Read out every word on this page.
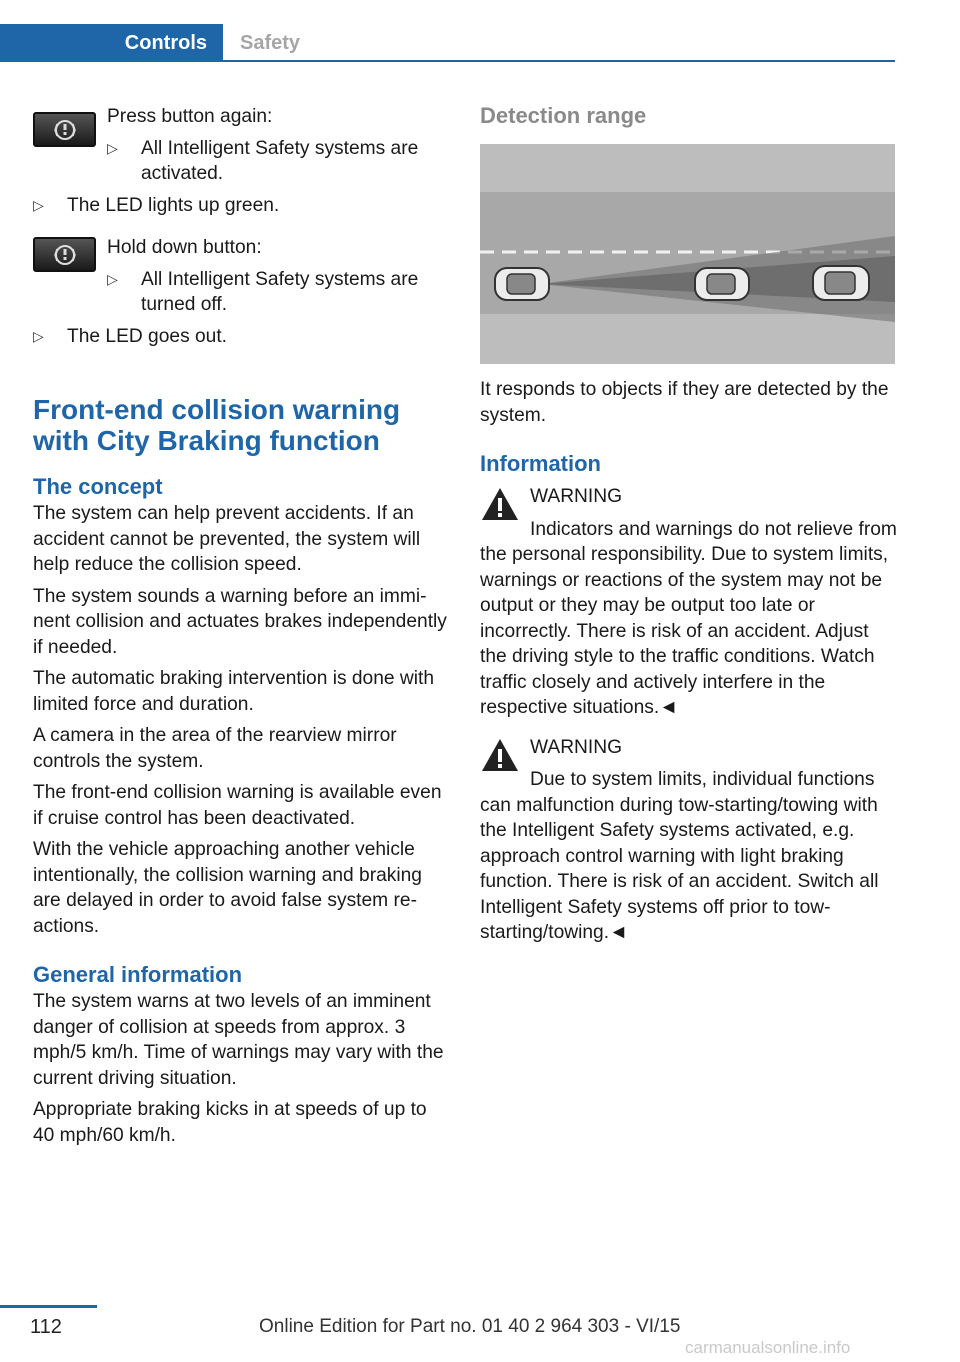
Controls	Safety

Press button again:

▷ All Intelligent Safety systems are activated.

▷ The LED lights up green.

Hold down button:

▷ All Intelligent Safety systems are turned off.

▷ The LED goes out.

Front-end collision warning with City Braking function
The concept

The system can help prevent accidents. If an accident cannot be prevented, the system will help reduce the collision speed.

The system sounds a warning before an imminent collision and actuates brakes independently if needed.

The automatic braking intervention is done with limited force and duration.

A camera in the area of the rearview mirror controls the system.

The front-end collision warning is available even if cruise control has been deactivated.

With the vehicle approaching another vehicle intentionally, the collision warning and braking are delayed in order to avoid false system reactions.

General information

The system warns at two levels of an imminent danger of collision at speeds from approx. 3 mph/5 km/h. Time of warnings may vary with the current driving situation.

Appropriate braking kicks in at speeds of up to 40 mph/60 km/h.

Detection range

It responds to objects if they are detected by the system.

Information

WARNING

Indicators and warnings do not relieve from the personal responsibility. Due to system limits, warnings or reactions of the system may not be output or they may be output too late or incorrectly. There is risk of an accident. Adjust the driving style to the traffic conditions. Watch traffic closely and actively interfere in the respective situations.◄

WARNING

Due to system limits, individual functions can malfunction during tow-starting/towing with the Intelligent Safety systems activated, e.g. approach control warning with light braking function. There is risk of an accident. Switch all Intelligent Safety systems off prior to tow-starting/towing.◄

112	Online Edition for Part no. 01 40 2 964 303 - VI/15
carmanualsonline.info
